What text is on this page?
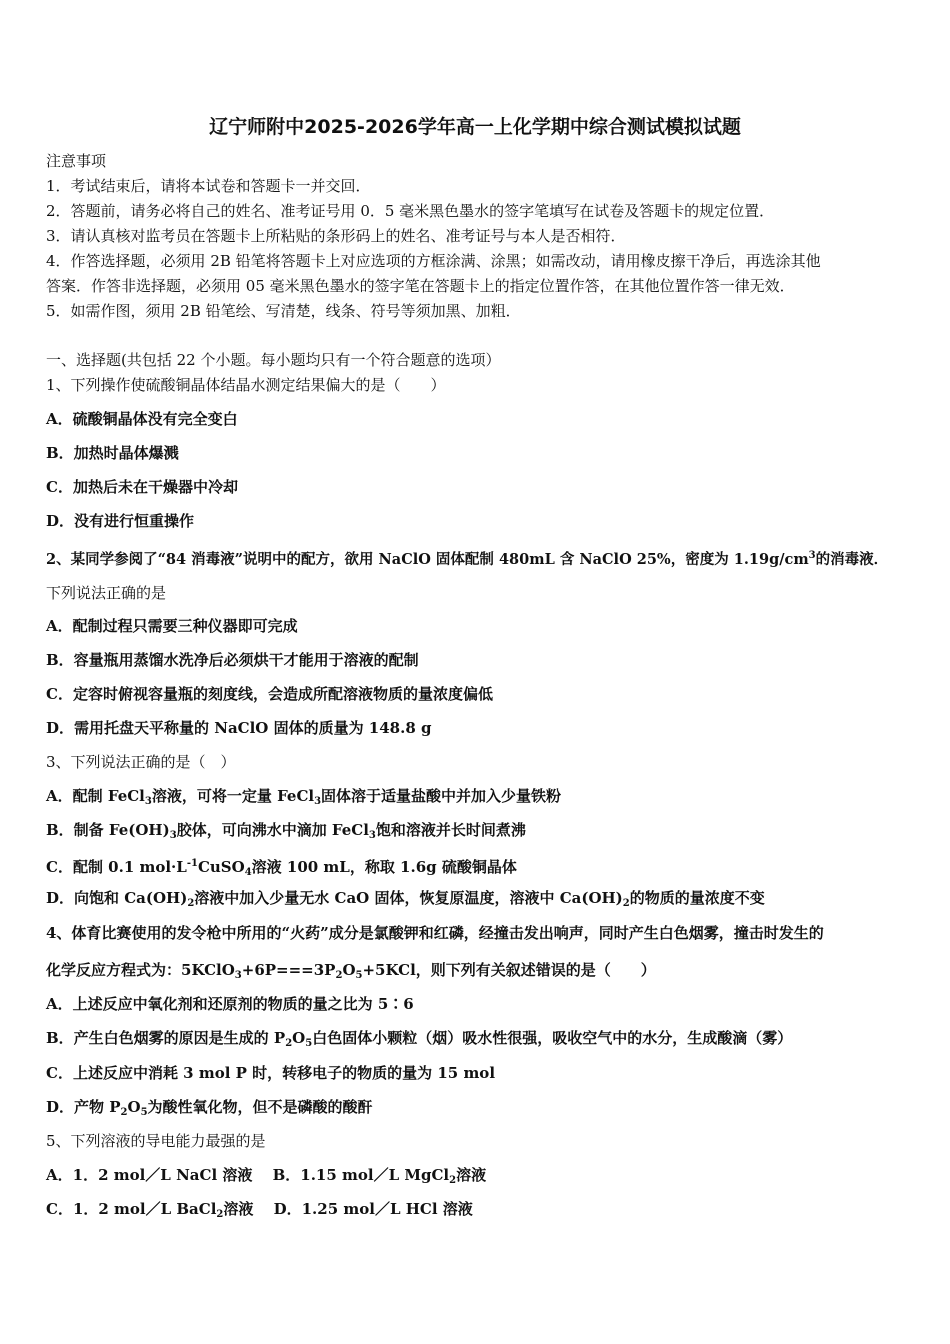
辽宁师附中2025-2026学年高一上化学期中综合测试模拟试题
注意事项
1．考试结束后，请将本试卷和答题卡一并交回．
2．答题前，请务必将自己的姓名、准考证号用 0．5 毫米黑色墨水的签字笔填写在试卷及答题卡的规定位置．
3．请认真核对监考员在答题卡上所粘贴的条形码上的姓名、准考证号与本人是否相符．
4．作答选择题，必须用 2B 铅笔将答题卡上对应选项的方框涂满、涂黑；如需改动，请用橡皮擦干净后，再选涂其他
答案．作答非选择题，必须用 05 毫米黑色墨水的签字笔在答题卡上的指定位置作答，在其他位置作答一律无效．
5．如需作图，须用 2B 铅笔绘、写清楚，线条、符号等须加黑、加粗．
一、选择题(共包括 22 个小题。每小题均只有一个符合题意的选项）
1、下列操作使硫酸铜晶体结晶水测定结果偏大的是（　　）
A．硫酸铜晶体没有完全变白
B．加热时晶体爆溅
C．加热后未在干燥器中冷却
D．没有进行恒重操作
2、某同学参阅了“84 消毒液”说明中的配方，欲用 NaClO 固体配制 480mL 含 NaClO 25%，密度为 $1.19g/cm^3$的消毒液．
下列说法正确的是
A．配制过程只需要三种仪器即可完成
B．容量瓶用蒸馏水洗净后必须烘干才能用于溶液的配制
C．定容时俯视容量瓶的刻度线，会造成所配溶液物质的量浓度偏低
D．需用托盘天平称量的 NaClO 固体的质量为 148.8 g
3、下列说法正确的是（　）
A．配制 FeCl$_3$溶液，可将一定量 FeCl$_3$固体溶于适量盐酸中并加入少量铁粉
B．制备 $Fe(OH)_3$胶体，可向沸水中滴加 FeCl$_3$饱和溶液并长时间煮沸
C．配制 0.1 $mol\cdot L^{-1}CuSO_4$溶液 100 mL，称取 1.6g 硫酸铜晶体
D．向饱和 $Ca(OH)_2$溶液中加入少量无水 CaO 固体，恢复原温度，溶液中 $Ca(OH)_2$的物质的量浓度不变
4、体育比赛使用的发令枪中所用的“火药”成分是氯酸钾和红磷，经撞击发出响声，同时产生白色烟雾，撞击时发生的
化学反应方程式为：$5KClO_3+6P===3P_2O_5+5KCl$，则下列有关叙述错误的是（　　）
A．上述反应中氧化剂和还原剂的物质的量之比为 5∶6
B．产生白色烟雾的原因是生成的 $P_2O_5$白色固体小颗粒（烟）吸水性很强，吸收空气中的水分，生成酸滴（雾）
C．上述反应中消耗 3 mol P 时，转移电子的物质的量为 15 mol
D．产物 $P_2O_5$为酸性氧化物，但不是磷酸的酸酐
5、下列溶液的导电能力最强的是
A．1．2 mol／L NaCl 溶液　 B．1.15 mol／L MgCl$_2$溶液
C．1．2 mol／L BaCl$_2$溶液　 D．1.25 mol／L HCl 溶液
